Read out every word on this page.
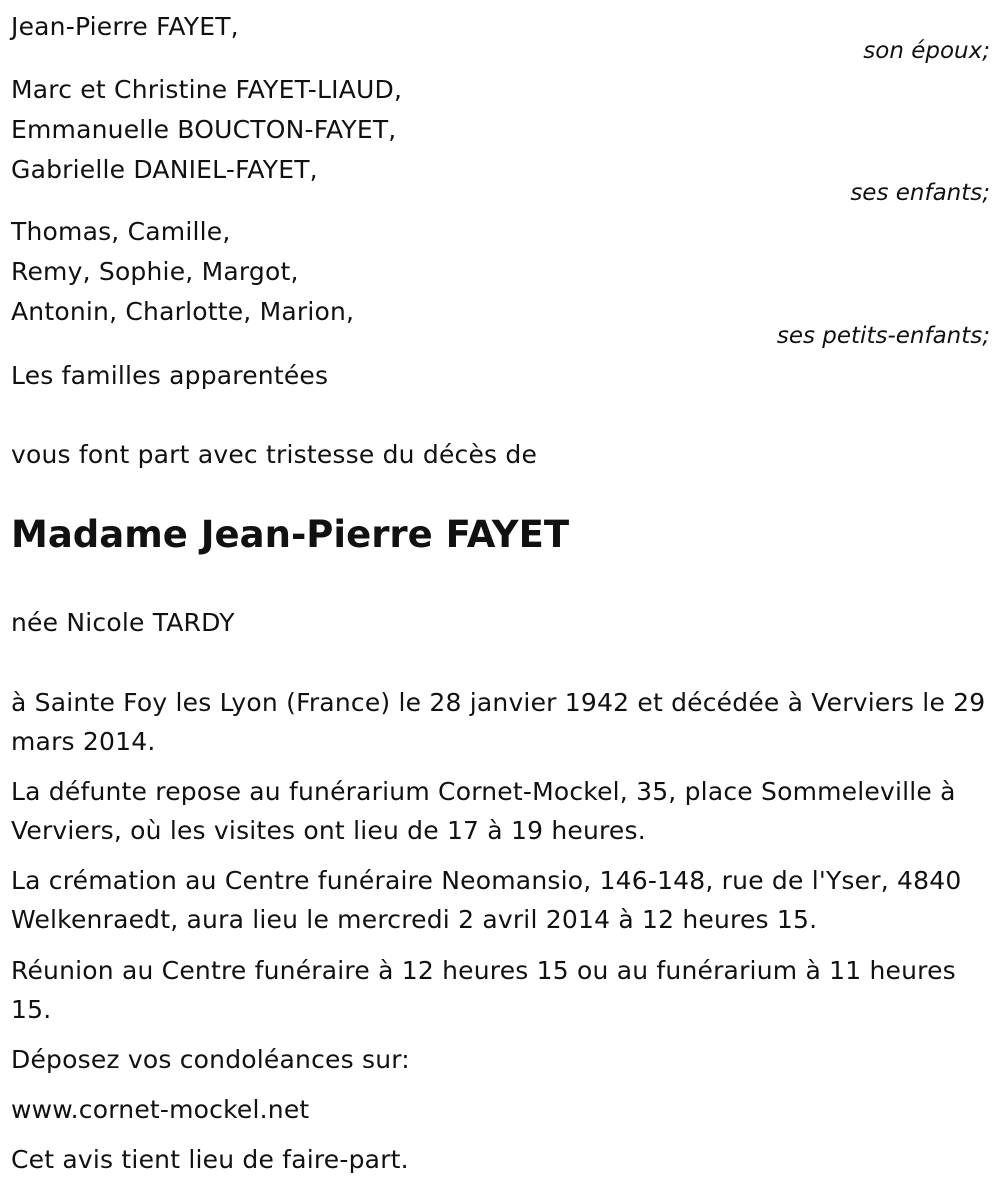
Jean-Pierre FAYET,
son époux;
Marc et Christine FAYET-LIAUD,
Emmanuelle BOUCTON-FAYET,
Gabrielle DANIEL-FAYET,
ses enfants;
Thomas, Camille,
Remy, Sophie, Margot,
Antonin, Charlotte, Marion,
ses petits-enfants;
Les familles apparentées
vous font part avec tristesse du décès de
Madame Jean-Pierre FAYET
née Nicole TARDY
à Sainte Foy les Lyon (France) le 28 janvier 1942 et décédée à Verviers le 29 mars 2014.
La défunte repose au funérarium Cornet-Mockel, 35, place Sommeleville à Verviers, où les visites ont lieu de 17 à 19 heures.
La crémation au Centre funéraire Neomansio, 146-148, rue de l'Yser, 4840 Welkenraedt, aura lieu le mercredi 2 avril 2014 à 12 heures 15.
Réunion au Centre funéraire à 12 heures 15 ou au funérarium à 11 heures 15.
Déposez vos condoléances sur:
www.cornet-mockel.net
Cet avis tient lieu de faire-part.
